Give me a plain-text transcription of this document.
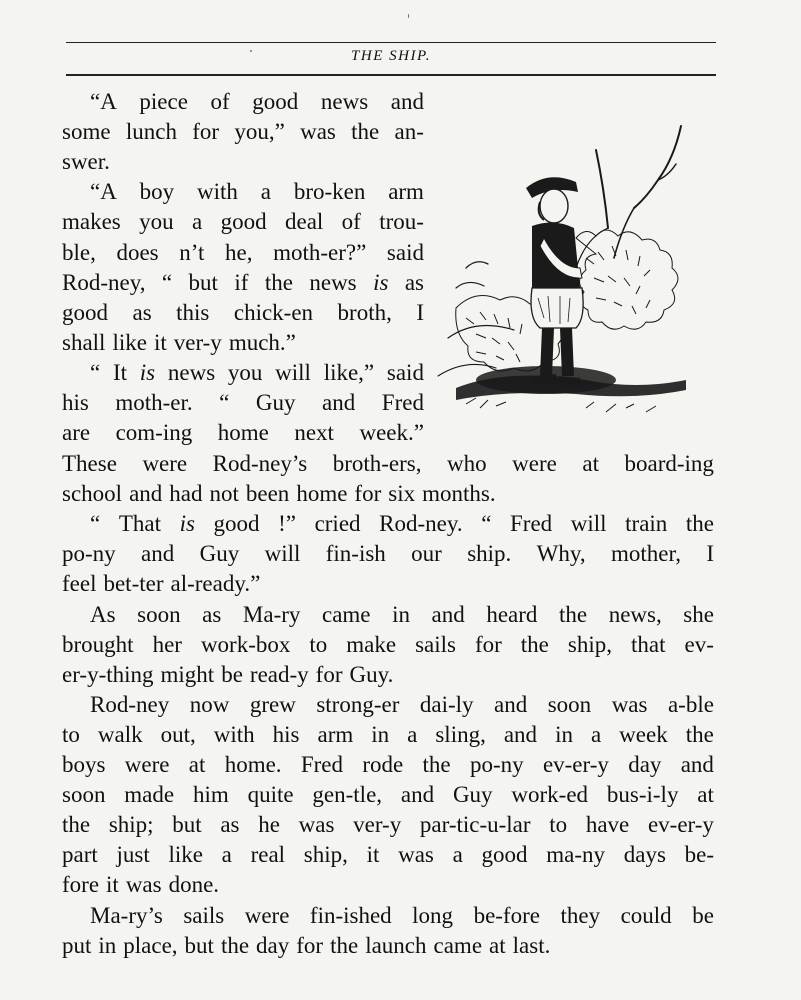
THE SHIP.
“A piece of good news and
some lunch for you,” was the an-
swer.
“A boy with a bro-ken arm
makes you a good deal of trou-
ble, does n’t he, moth-er?” said
Rod-ney, “ but if the news is as
good as this chick-en broth, I
shall like it ver-y much.”
“ It is news you will like,” said
his moth-er. “ Guy and Fred
are com-ing home next week.”
These were Rod-ney’s broth-ers, who were at board-ing
school and had not been home for six months.
“ That is good !” cried Rod-ney. “ Fred will train the
po-ny and Guy will fin-ish our ship. Why, mother, I
feel bet-ter al-ready.”
As soon as Ma-ry came in and heard the news, she
brought her work-box to make sails for the ship, that ev-
er-y-thing might be read-y for Guy.
Rod-ney now grew strong-er dai-ly and soon was a-ble
to walk out, with his arm in a sling, and in a week the
boys were at home. Fred rode the po-ny ev-er-y day and
soon made him quite gen-tle, and Guy work-ed bus-i-ly at
the ship; but as he was ver-y par-tic-u-lar to have ev-er-y
part just like a real ship, it was a good ma-ny days be-
fore it was done.
Ma-ry’s sails were fin-ished long be-fore they could be
put in place, but the day for the launch came at last.
